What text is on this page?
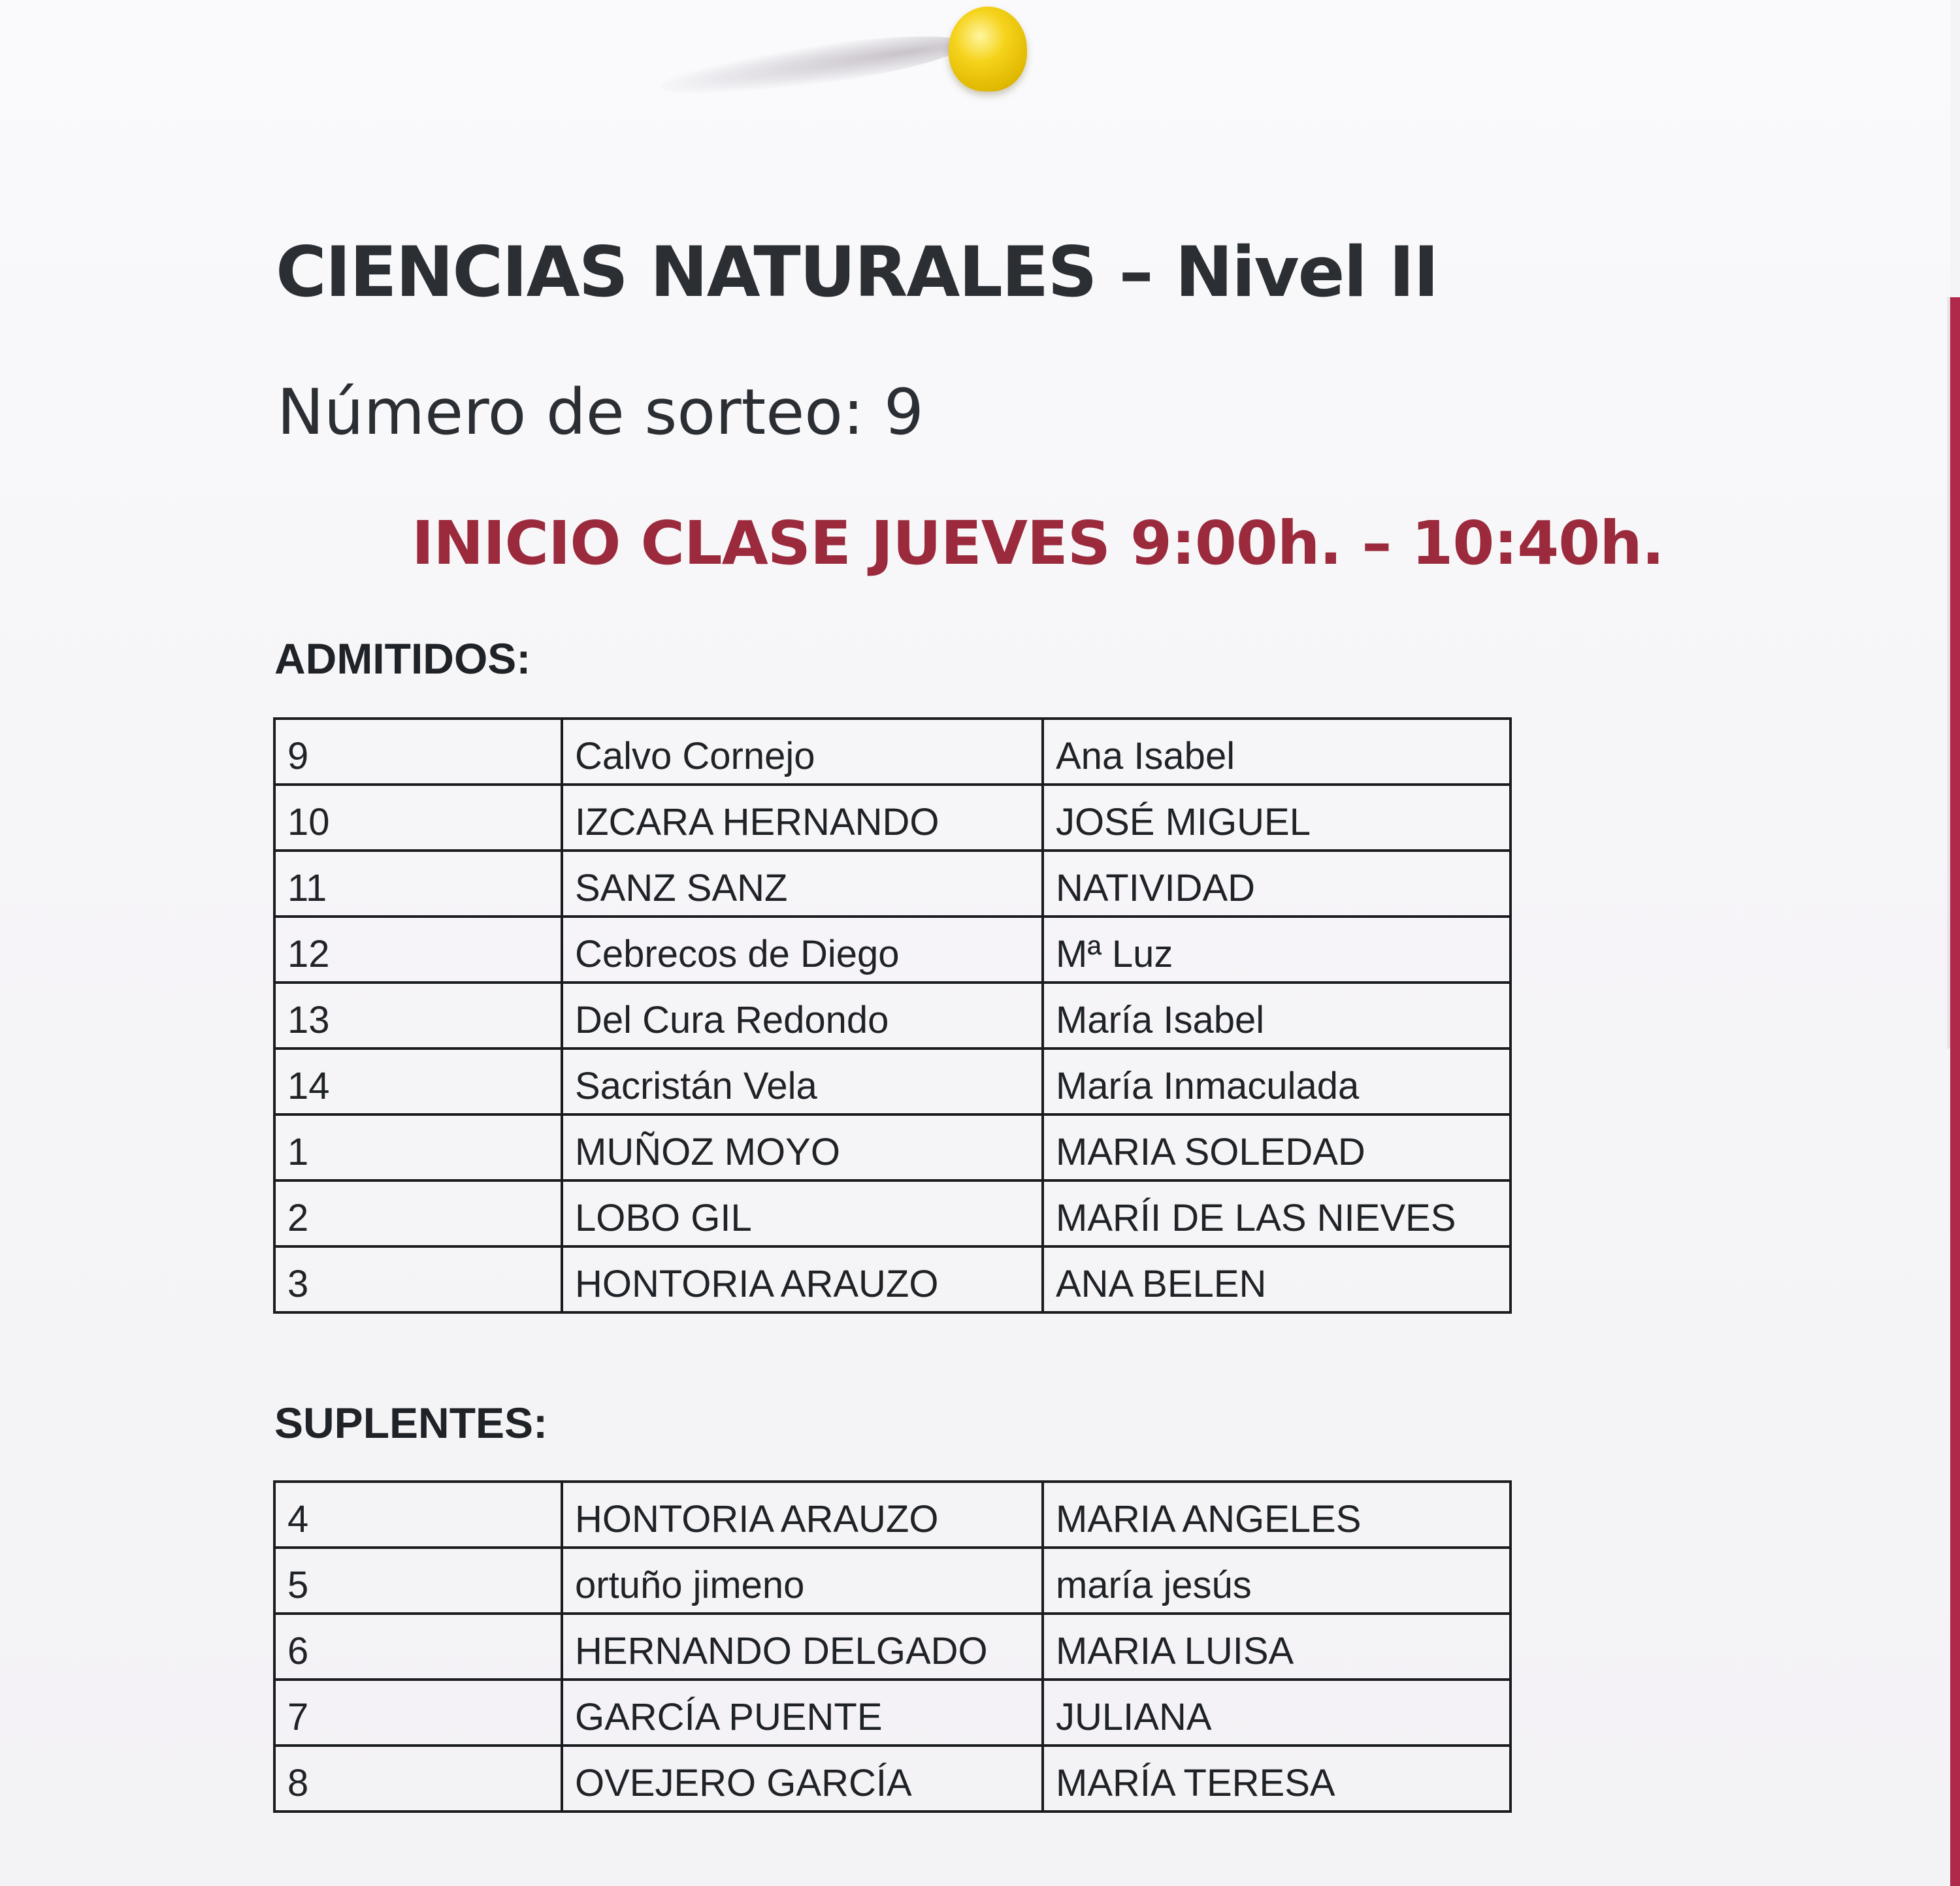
CIENCIAS NATURALES – Nivel II
Número de sorteo: 9
INICIO CLASE JUEVES 9:00h. – 10:40h.
ADMITIDOS:
9	Calvo Cornejo	Ana Isabel
10	IZCARA HERNANDO	JOSÉ MIGUEL
11	SANZ SANZ	NATIVIDAD
12	Cebrecos de Diego	Mª Luz
13	Del Cura Redondo	María Isabel
14	Sacristán Vela	María Inmaculada
1	MUÑOZ MOYO	MARIA SOLEDAD
2	LOBO GIL	MARÍI DE LAS NIEVES
3	HONTORIA ARAUZO	ANA BELEN
SUPLENTES:
4	HONTORIA ARAUZO	MARIA ANGELES
5	ortuño jimeno	maría jesús
6	HERNANDO DELGADO	MARIA LUISA
7	GARCÍA PUENTE	JULIANA
8	OVEJERO GARCÍA	MARÍA TERESA
